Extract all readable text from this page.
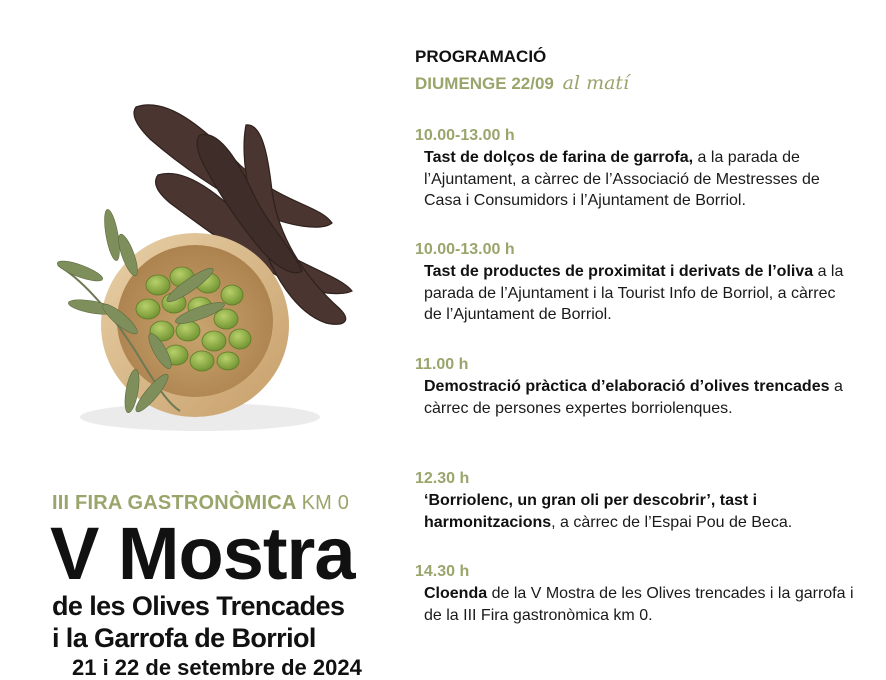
III FIRA GASTRONÒMICA KM 0
V Mostra
de les Olives Trencades
i la Garrofa de Borriol
21 i 22 de setembre de 2024
PROGRAMACIÓ
DIUMENGE 22/09 al matí
10.00-13.00 h
Tast de dolços de farina de garrofa, a la parada de l’Ajuntament, a càrrec de l’Associació de Mestresses de Casa i Consumidors i l’Ajuntament de Borriol.
10.00-13.00 h
Tast de productes de proximitat i derivats de l’oliva a la parada de l’Ajuntament i la Tourist Info de Borriol, a càrrec de l’Ajuntament de Borriol.
11.00 h
Demostració pràctica d’elaboració d’olives trencades a càrrec de persones expertes borriolenques.
12.30 h
‘Borriolenc, un gran oli per descobrir’, tast i harmonitzacions, a càrrec de l’Espai Pou de Beca.
14.30 h
Cloenda de la V Mostra de les Olives trencades i la garrofa i de la III Fira gastronòmica km 0.
